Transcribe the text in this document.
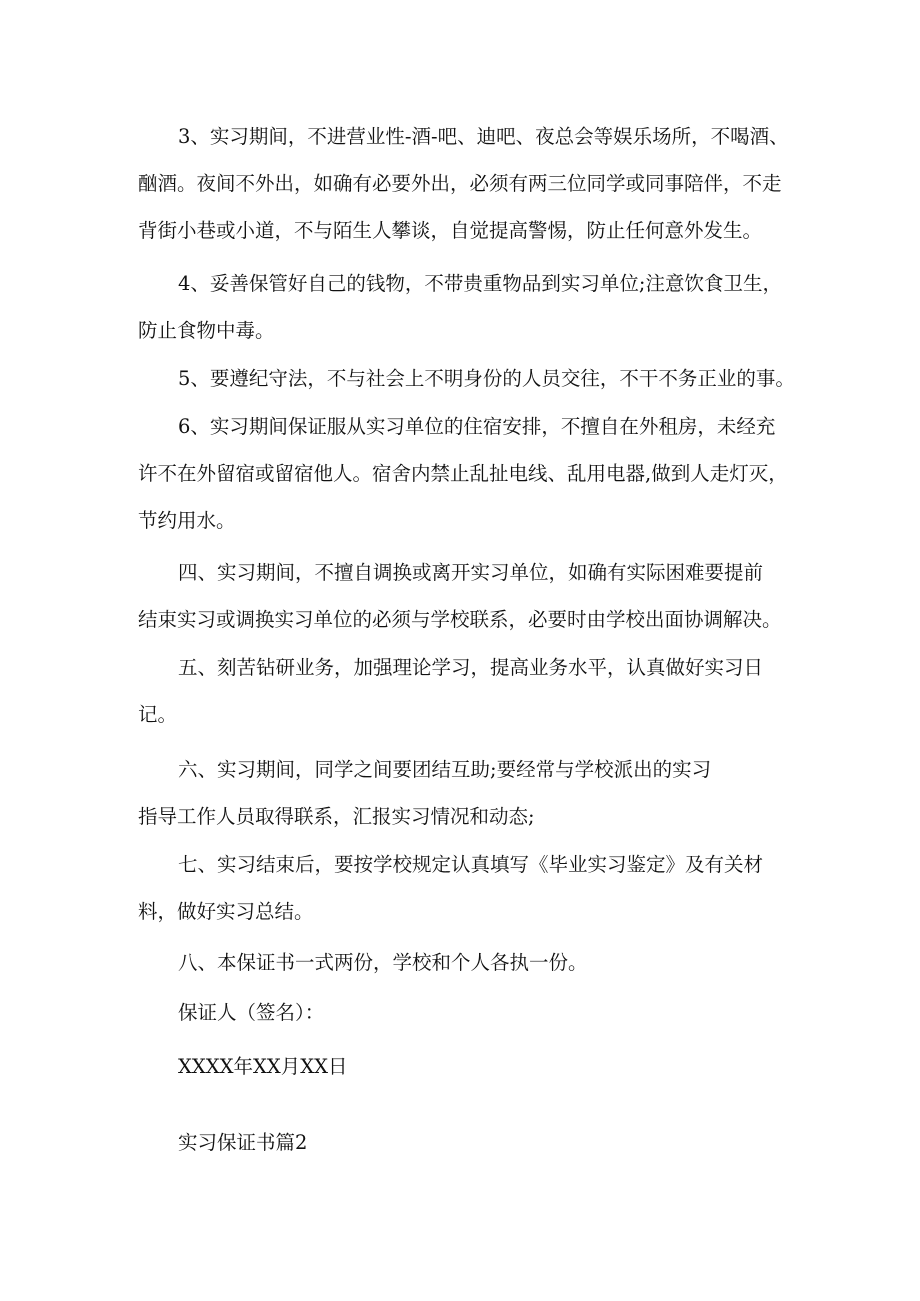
3、实习期间，不进营业性-酒-吧、迪吧、夜总会等娱乐场所，不喝酒、
酗酒。夜间不外出，如确有必要外出，必须有两三位同学或同事陪伴，不走
背街小巷或小道，不与陌生人攀谈，自觉提高警惕，防止任何意外发生。
4、妥善保管好自己的钱物，不带贵重物品到实习单位;注意饮食卫生，
防止食物中毒。
5、要遵纪守法，不与社会上不明身份的人员交往，不干不务正业的事。
6、实习期间保证服从实习单位的住宿安排，不擅自在外租房，未经充
许不在外留宿或留宿他人。宿舍内禁止乱扯电线、乱用电器,做到人走灯灭，
节约用水。
四、实习期间，不擅自调换或离开实习单位，如确有实际困难要提前
结束实习或调换实习单位的必须与学校联系，必要时由学校出面协调解决。
五、刻苦钻研业务，加强理论学习，提高业务水平，认真做好实习日
记。
六、实习期间，同学之间要团结互助;要经常与学校派出的实习
指导工作人员取得联系，汇报实习情况和动态;
七、实习结束后，要按学校规定认真填写《毕业实习鉴定》及有关材
料，做好实习总结。
八、本保证书一式两份，学校和个人各执一份。
保证人（签名）：
XXXX年XX月XX日
实习保证书篇2
